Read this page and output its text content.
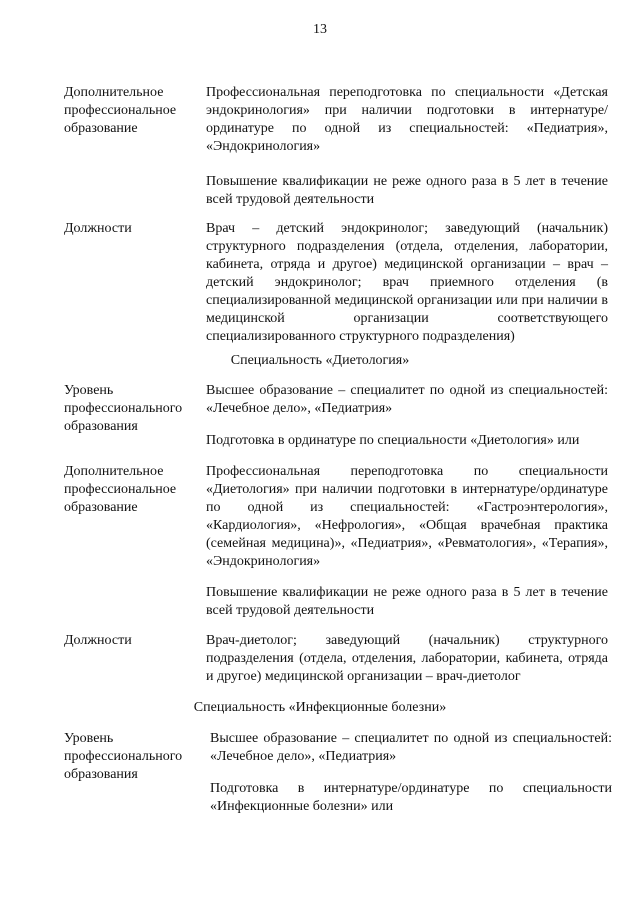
13
Дополнительное профессиональное образование
Профессиональная переподготовка по специальности «Детская эндокринология» при наличии подготовки в интернатуре/ординатуре по одной из специальностей: «Педиатрия», «Эндокринология»
Повышение квалификации не реже одного раза в 5 лет в течение всей трудовой деятельности
Должности	Врач – детский эндокринолог; заведующий (начальник) структурного подразделения (отдела, отделения, лаборатории, кабинета, отряда и другое) медицинской организации – врач – детский эндокринолог; врач приемного отделения (в специализированной медицинской организации или при наличии в медицинской организации соответствующего специализированного структурного подразделения)
Специальность «Диетология»
Уровень профессионального образования
Высшее образование – специалитет по одной из специальностей: «Лечебное дело», «Педиатрия»
Подготовка в ординатуре по специальности «Диетология» или
Дополнительное профессиональное образование
Профессиональная переподготовка по специальности «Диетология» при наличии подготовки в интернатуре/ординатуре по одной из специальностей: «Гастроэнтерология», «Кардиология», «Нефрология», «Общая врачебная практика (семейная медицина)», «Педиатрия», «Ревматология», «Терапия», «Эндокринология»
Повышение квалификации не реже одного раза в 5 лет в течение всей трудовой деятельности
Должности	Врач-диетолог; заведующий (начальник) структурного подразделения (отдела, отделения, лаборатории, кабинета, отряда и другое) медицинской организации – врач-диетолог
Специальность «Инфекционные болезни»
Уровень профессионального образования
Высшее образование – специалитет по одной из специальностей: «Лечебное дело», «Педиатрия»
Подготовка в интернатуре/ординатуре по специальности «Инфекционные болезни» или
